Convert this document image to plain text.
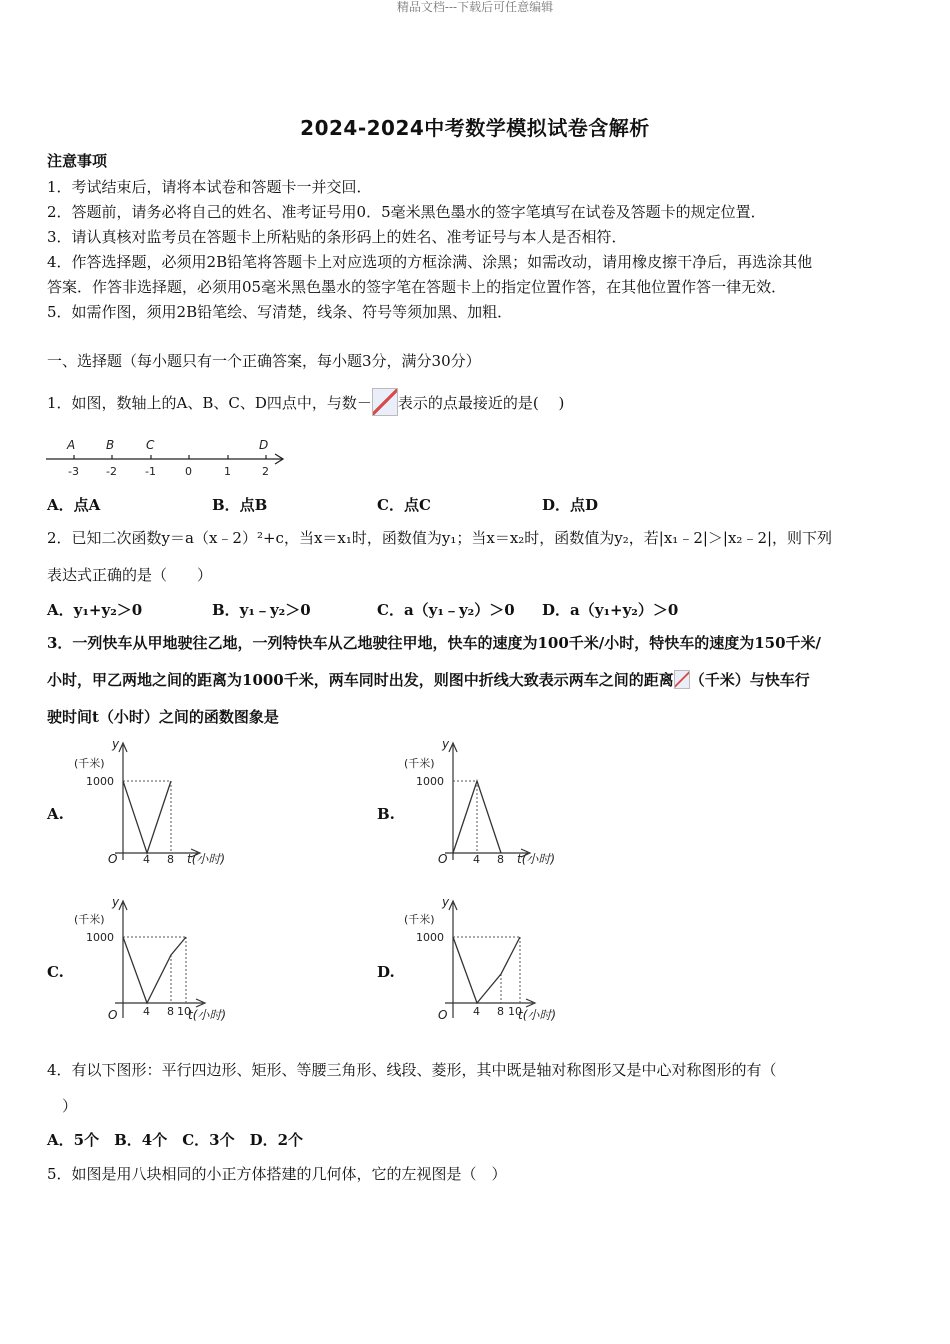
精品文档---下载后可任意编辑
2024-2024中考数学模拟试卷含解析
注意事项
1．考试结束后，请将本试卷和答题卡一并交回．
2．答题前，请务必将自己的姓名、准考证号用0．5毫米黑色墨水的签字笔填写在试卷及答题卡的规定位置．
3．请认真核对监考员在答题卡上所粘贴的条形码上的姓名、准考证号与本人是否相符．
4．作答选择题，必须用2B铅笔将答题卡上对应选项的方框涂满、涂黑；如需改动，请用橡皮擦干净后，再选涂其他
答案．作答非选择题，必须用05毫米黑色墨水的签字笔在答题卡上的指定位置作答，在其他位置作答一律无效．
5．如需作图，须用2B铅笔绘、写清楚，线条、符号等须加黑、加粗．
一、选择题（每小题只有一个正确答案，每小题3分，满分30分）
1．如图，数轴上的A、B、C、D四点中，与数－ 表示的点最接近的是(　 )
A	B	C	D
-3 -2	-1	0	1	2
A．点A	B．点B	C．点C	D．点D
2．已知二次函数y＝a（x﹣2）²+c，当x＝x₁时，函数值为y₁；当x＝x₂时，函数值为y₂，若|x₁﹣2|＞|x₂﹣2|，则下列
表达式正确的是（　　）
A．y₁+y₂＞0	B．y₁﹣y₂＞0	C．a（y₁﹣y₂）＞0 D．a（y₁+y₂）＞0
3．一列快车从甲地驶往乙地，一列特快车从乙地驶往甲地，快车的速度为100千米/小时，特快车的速度为150千米/
小时，甲乙两地之间的距离为1000千米，两车同时出发，则图中折线大致表示两车之间的距离 （千米）与快车行
驶时间t（小时）之间的函数图象是
A.	B.
C.	D.
y
(千米)
1000
O 4 8 t(小时)
y
(千米)
1000
O 4 8 t(小时)
y
(千米)
1000
O 4 8 10
t(小时)
y
(千米)
1000
O 4 8 10
t(小时)
4．有以下图形：平行四边形、矩形、等腰三角形、线段、菱形，其中既是轴对称图形又是中心对称图形的有（
）
A．5个　B．4个　C．3个　D．2个
5．如图是用八块相同的小正方体搭建的几何体，它的左视图是（　）
